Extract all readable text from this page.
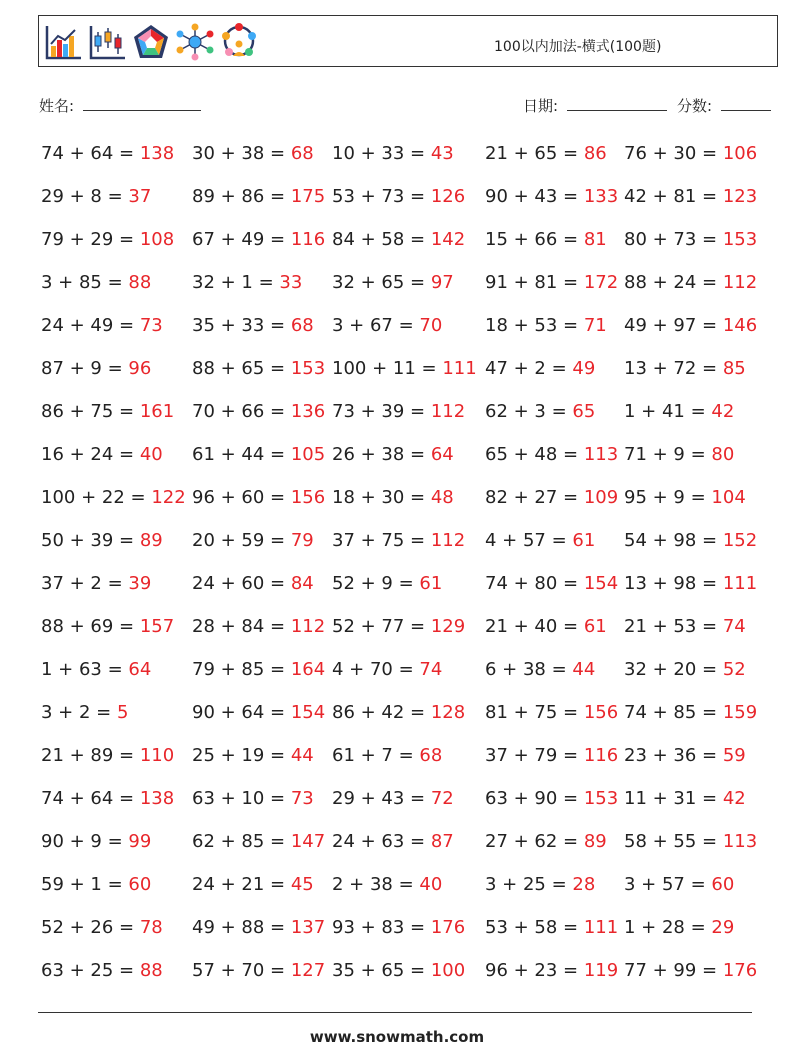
100以内加法-横式(100题)
姓名:	日期:	分数:
74 + 64 = 138 30 + 38 = 68	10 + 33 = 43	21 + 65 = 86 76 + 30 = 106
29 + 8 = 37	89 + 86 = 175 53 + 73 = 126	90 + 43 = 133 42 + 81 = 123
79 + 29 = 108 67 + 49 = 116 84 + 58 = 142	15 + 66 = 81 80 + 73 = 153
3 + 85 = 88	32 + 1 = 33	32 + 65 = 97	91 + 81 = 172 88 + 24 = 112
24 + 49 = 73	35 + 33 = 68	3 + 67 = 70	18 + 53 = 71 49 + 97 = 146
87 + 9 = 96	88 + 65 = 153 100 + 11 = 111 47 + 2 = 49	13 + 72 = 85
86 + 75 = 161 70 + 66 = 136 73 + 39 = 112	62 + 3 = 65	1 + 41 = 42
16 + 24 = 40	61 + 44 = 105 26 + 38 = 64	65 + 48 = 113 71 + 9 = 80
100 + 22 = 122 96 + 60 = 156 18 + 30 = 48	82 + 27 = 109 95 + 9 = 104
50 + 39 = 89	20 + 59 = 79	37 + 75 = 112	4 + 57 = 61	54 + 98 = 152
37 + 2 = 39	24 + 60 = 84	52 + 9 = 61	74 + 80 = 154 13 + 98 = 111
88 + 69 = 157 28 + 84 = 112 52 + 77 = 129	21 + 40 = 61 21 + 53 = 74
1 + 63 = 64	79 + 85 = 164 4 + 70 = 74	6 + 38 = 44	32 + 20 = 52
3 + 2 = 5	90 + 64 = 154 86 + 42 = 128	81 + 75 = 156 74 + 85 = 159
21 + 89 = 110 25 + 19 = 44	61 + 7 = 68	37 + 79 = 116 23 + 36 = 59
74 + 64 = 138 63 + 10 = 73	29 + 43 = 72	63 + 90 = 153 11 + 31 = 42
90 + 9 = 99	62 + 85 = 147 24 + 63 = 87	27 + 62 = 89 58 + 55 = 113
59 + 1 = 60	24 + 21 = 45	2 + 38 = 40	3 + 25 = 28	3 + 57 = 60
52 + 26 = 78	49 + 88 = 137 93 + 83 = 176	53 + 58 = 111 1 + 28 = 29
63 + 25 = 88	57 + 70 = 127 35 + 65 = 100	96 + 23 = 119 77 + 99 = 176
www.snowmath.com
